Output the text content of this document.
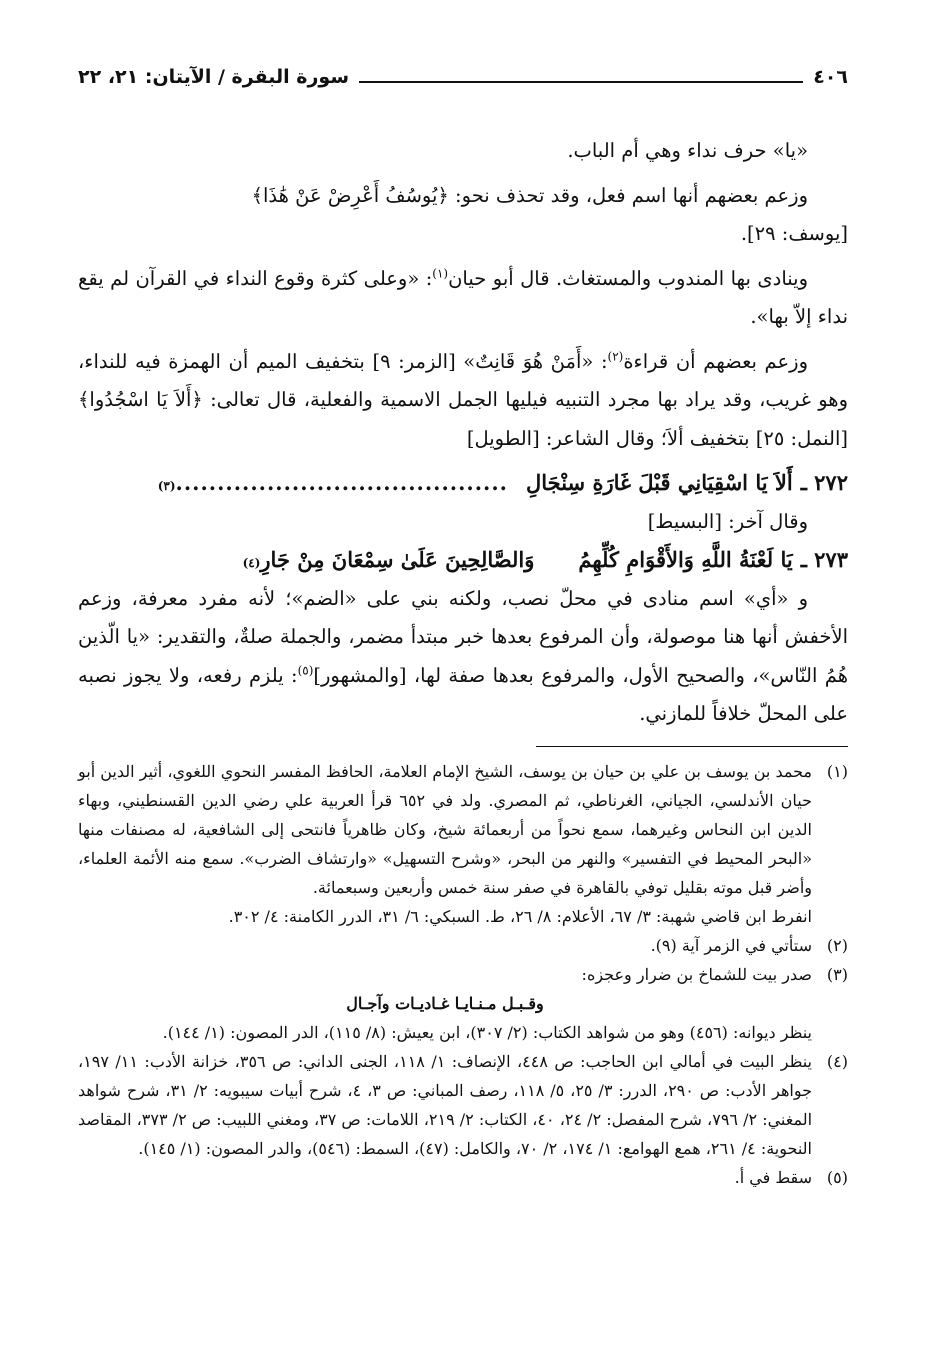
٤٠٦
سورة البقرة / الآيتان: ٢١، ٢٢

«يا» حرف نداء وهي أم الباب.

وزعم بعضهم أنها اسم فعل، وقد تحذف نحو: ﴿يُوسُفُ أَعْرِضْ عَنْ هَٰذَا﴾

[يوسف: ٢٩].

وينادى بها المندوب والمستغاث. قال أبو حيان$^{(١)}$: «وعلى كثرة وقوع النداء في القرآن لم يقع نداء إلاّ بها».

وزعم بعضهم أن قراءة$^{(٢)}$: «أَمَنْ هُوَ قَانِتٌ» [الزمر: ٩] بتخفيف الميم أن الهمزة فيه للنداء، وهو غريب، وقد يراد بها مجرد التنبيه فيليها الجمل الاسمية والفعلية، قال تعالى: ﴿أَلاَ يَا اسْجُدُوا﴾ [النمل: ٢٥] بتخفيف ألاَ؛ وقال الشاعر: [الطويل]

٢٧٢ ـ
أَلاَ يَا اسْقِيَانِي قَبْلَ غَارَةِ سِنْجَالِ
........................................
(٣)

وقال آخر: [البسيط]

٢٧٣ ـ
يَا لَعْنَةُ اللَّهِ وَالأَقْوَامِ كُلِّهِمُ
وَالصَّالِحِينَ عَلَىٰ سِمْعَانَ مِنْ جَارِ
(٤)

و «أي» اسم منادى في محلّ نصب، ولكنه بني على «الضم»؛ لأنه مفرد معرفة، وزعم الأخفش أنها هنا موصولة، وأن المرفوع بعدها خبر مبتدأ مضمر، والجملة صلةٌ، والتقدير: «يا الّذين هُمُ النّاس»، والصحيح الأول، والمرفوع بعدها صفة لها، [والمشهور]$^{(٥)}$: يلزم رفعه، ولا يجوز نصبه على المحلّ خلافاً للمازني.

(١)
محمد بن يوسف بن علي بن حيان بن يوسف، الشيخ الإمام العلامة، الحافظ المفسر النحوي اللغوي، أثير الدين أبو حيان الأندلسي، الجياني، الغرناطي، ثم المصري. ولد في ٦٥٢ قرأ العربية علي رضي الدين القسنطيني، وبهاء الدين ابن النحاس وغيرهما، سمع نحواً من أربعمائة شيخ، وكان ظاهرياً فانتحى إلى الشافعية، له مصنفات منها «البحر المحيط في التفسير» والنهر من البحر، «وشرح التسهيل» «وارتشاف الضرب». سمع منه الأئمة العلماء، وأضر قبل موته بقليل توفي بالقاهرة في صفر سنة خمس وأربعين وسبعمائة.
انفرط ابن قاضي شهبة: ٣/ ٦٧، الأعلام: ٨/ ٢٦، ط. السبكي: ٦/ ٣١، الدرر الكامنة: ٤/ ٣٠٢.
(٢)
ستأتي في الزمر آية (٩).
(٣)
صدر بيت للشماخ بن ضرار وعجزه:
وقـبـل مـنـايـا غـاديـات وآجـال
ينظر ديوانه: (٤٥٦) وهو من شواهد الكتاب: (٢/ ٣٠٧)، ابن يعيش: (٨/ ١١٥)، الدر المصون: (١/ ١٤٤).
(٤)
ينظر البيت في أمالي ابن الحاجب: ص ٤٤٨، الإنصاف: ١/ ١١٨، الجنى الداني: ص ٣٥٦، خزانة الأدب: ١١/ ١٩٧، جواهر الأدب: ص ٢٩٠، الدرر: ٣/ ٢٥، ٥/ ١١٨، رصف المباني: ص ٣، ٤، شرح أبيات سيبويه: ٢/ ٣١، شرح شواهد المغني: ٢/ ٧٩٦، شرح المفصل: ٢/ ٢٤، ٤٠، الكتاب: ٢/ ٢١٩، اللامات: ص ٣٧، ومغني اللبيب: ص ٢/ ٣٧٣، المقاصد النحوية: ٤/ ٢٦١، همع الهوامع: ١/ ١٧٤، ٢/ ٧٠، والكامل: (٤٧)، السمط: (٥٤٦)، والدر المصون: (١/ ١٤٥).
(٥)
سقط في أ.
